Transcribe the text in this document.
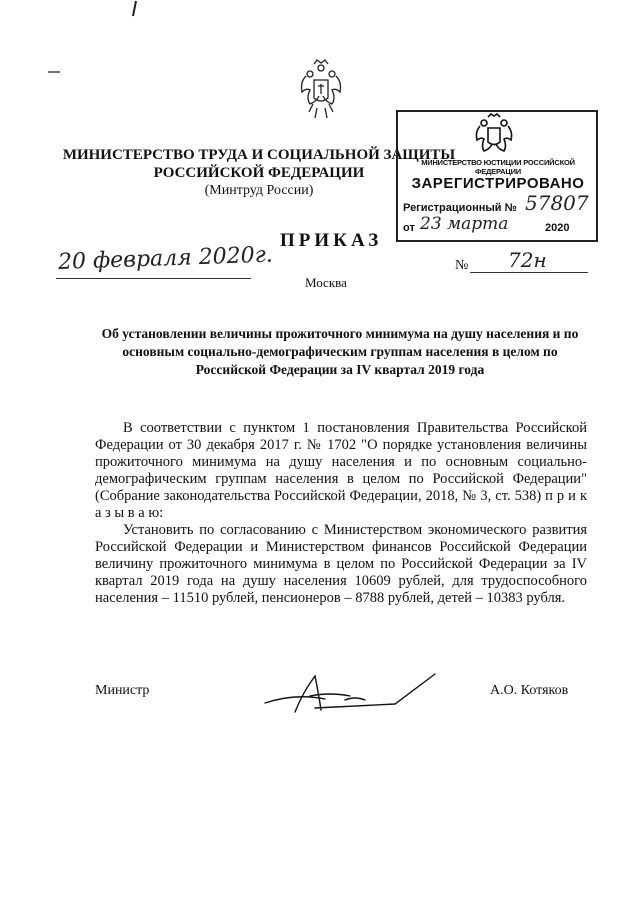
МИНИСТЕРСТВО ТРУДА И СОЦИАЛЬНОЙ ЗАЩИТЫ
РОССИЙСКОЙ ФЕДЕРАЦИИ
(Минтруд России)
МИНИСТЕРСТВО ЮСТИЦИИ РОССИЙСКОЙ ФЕДЕРАЦИИ
ЗАРЕГИСТРИРОВАНО
Регистрационный № 57807
от 23 марта	2020
ПРИКАЗ
20 февраля 2020г.	№ 72н
Москва
Об установлении величины прожиточного минимума на душу населения и по основным социально-демографическим группам населения в целом по Российской Федерации за IV квартал 2019 года

В соответствии с пунктом 1 постановления Правительства Российской Федерации от 30 декабря 2017 г. № 1702 "О порядке установления величины прожиточного минимума на душу населения и по основным социально-демографическим группам населения в целом по Российской Федерации" (Собрание законодательства Российской Федерации, 2018, № 3, ст. 538) п р и к а з ы в а ю:

Установить по согласованию с Министерством экономического развития Российской Федерации и Министерством финансов Российской Федерации величину прожиточного минимума в целом по Российской Федерации за IV квартал 2019 года на душу населения 10609 рублей, для трудоспособного населения – 11510 рублей, пенсионеров – 8788 рублей, детей – 10383 рубля.

Министр	А.О. Котяков
